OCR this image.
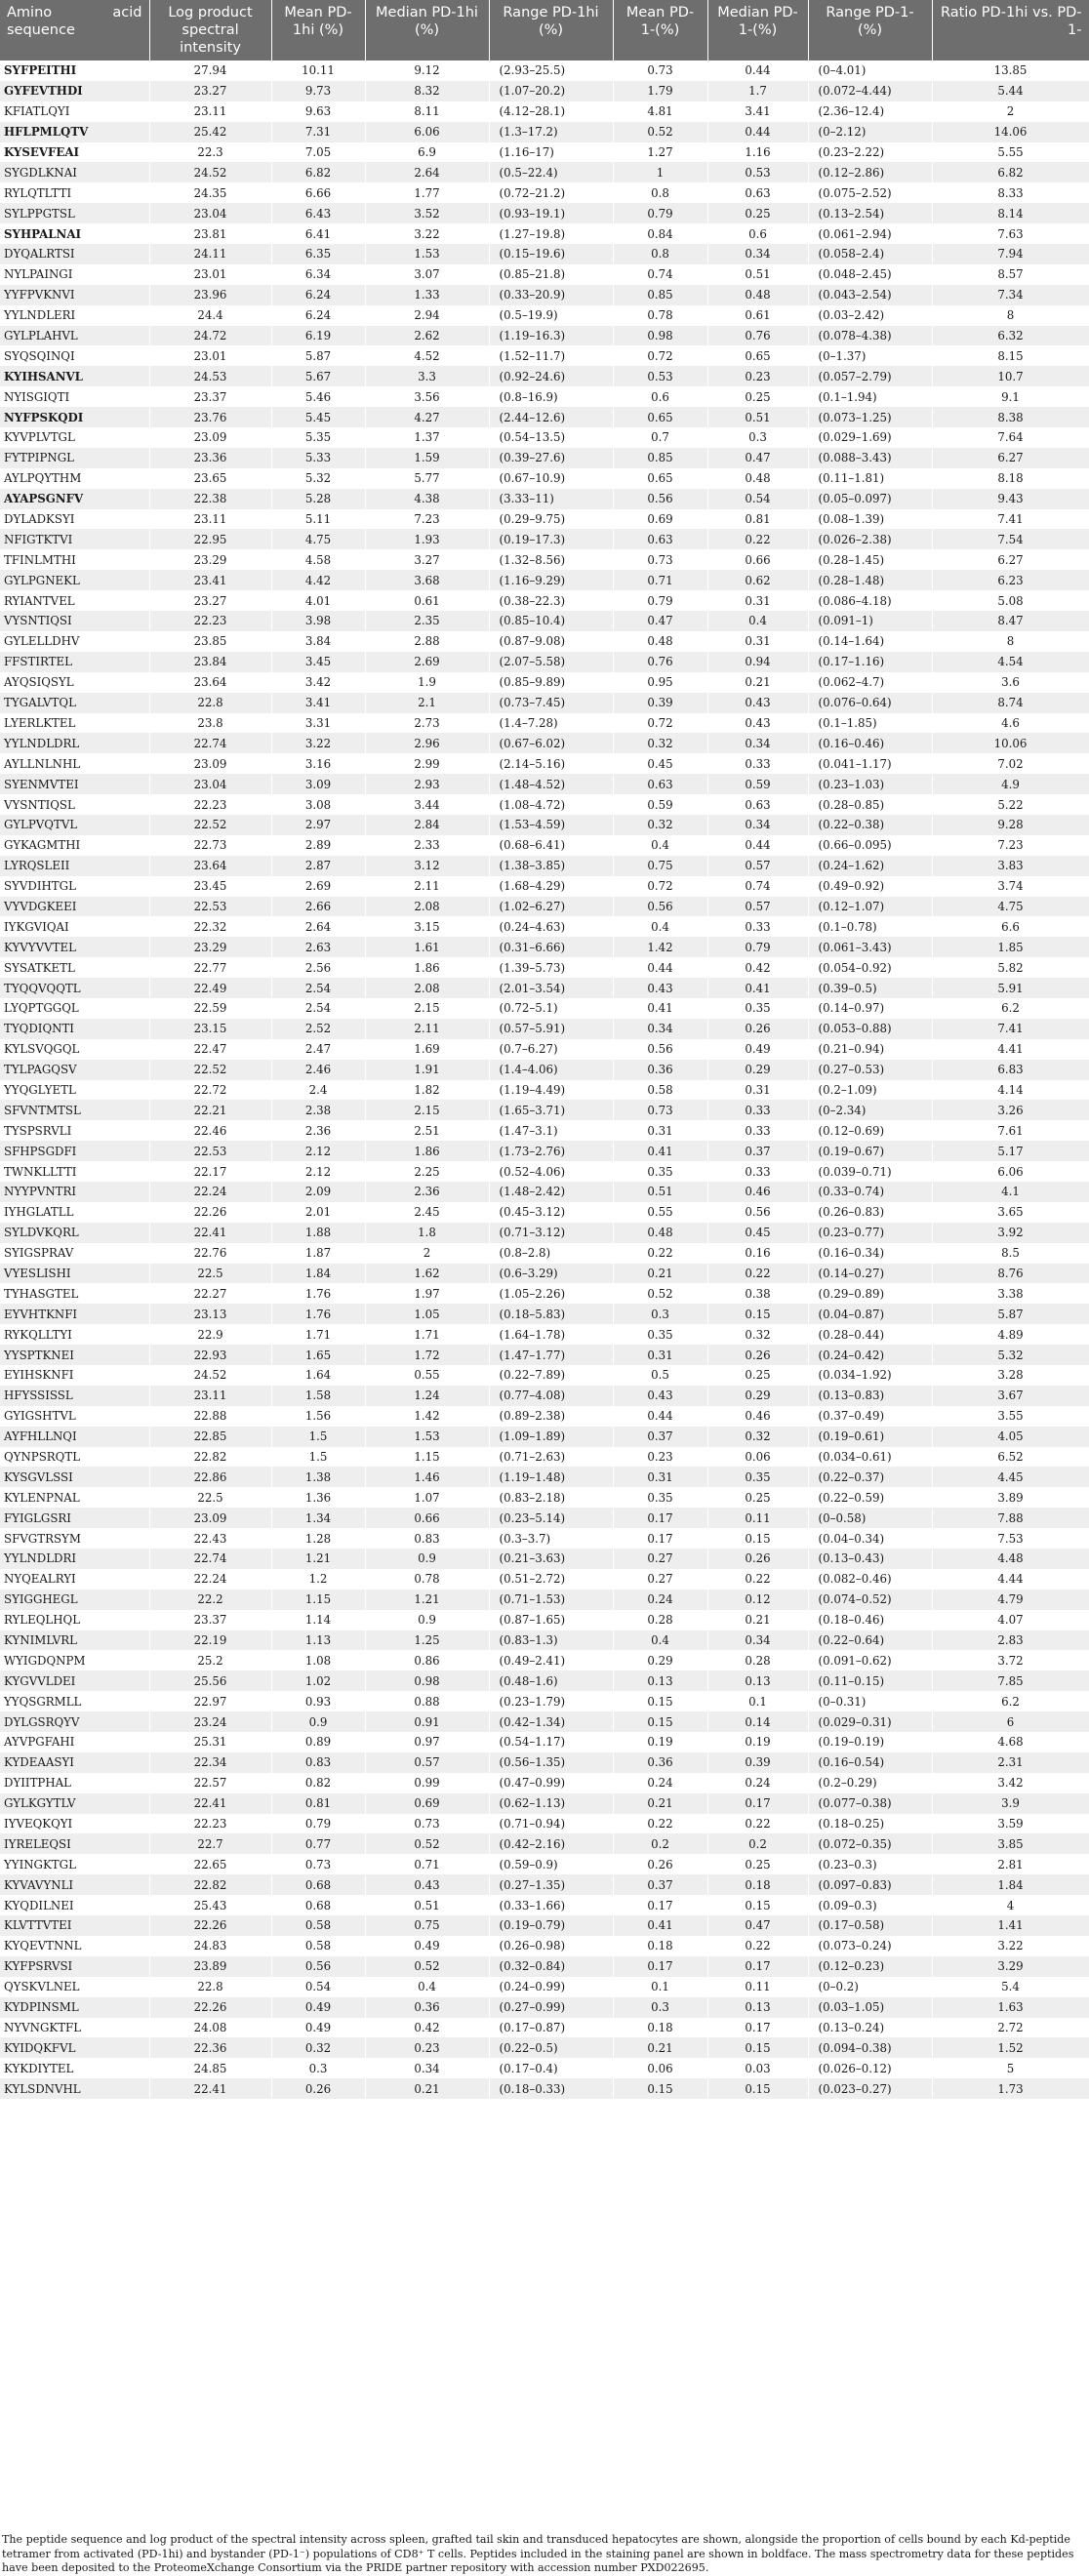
Amino acid sequence	Log product spectral intensity	Mean PD-1hi (%)	Median PD-1hi (%)	Range PD-1hi (%)	Mean PD-1-(%)	Median PD-1-(%)	Range PD-1-(%)	Ratio PD-1hi vs. PD-1-
SYFPEITHI	27.94	10.11	9.12	(2.93–25.5)	0.73	0.44	(0–4.01)	13.85
GYFEVTHDI	23.27	9.73	8.32	(1.07–20.2)	1.79	1.7	(0.072–4.44)	5.44
KFIATLQYI	23.11	9.63	8.11	(4.12–28.1)	4.81	3.41	(2.36–12.4)	2
HFLPMLQTV	25.42	7.31	6.06	(1.3–17.2)	0.52	0.44	(0–2.12)	14.06
KYSEVFEAI	22.3	7.05	6.9	(1.16–17)	1.27	1.16	(0.23–2.22)	5.55
SYGDLKNAI	24.52	6.82	2.64	(0.5–22.4)	1	0.53	(0.12–2.86)	6.82
RYLQTLTTI	24.35	6.66	1.77	(0.72–21.2)	0.8	0.63	(0.075–2.52)	8.33
SYLPPGTSL	23.04	6.43	3.52	(0.93–19.1)	0.79	0.25	(0.13–2.54)	8.14
SYHPALNAI	23.81	6.41	3.22	(1.27–19.8)	0.84	0.6	(0.061–2.94)	7.63
DYQALRTSI	24.11	6.35	1.53	(0.15–19.6)	0.8	0.34	(0.058–2.4)	7.94
NYLPAINGI	23.01	6.34	3.07	(0.85–21.8)	0.74	0.51	(0.048–2.45)	8.57
YYFPVKNVI	23.96	6.24	1.33	(0.33–20.9)	0.85	0.48	(0.043–2.54)	7.34
YYLNDLERI	24.4	6.24	2.94	(0.5–19.9)	0.78	0.61	(0.03–2.42)	8
GYLPLAHVL	24.72	6.19	2.62	(1.19–16.3)	0.98	0.76	(0.078–4.38)	6.32
SYQSQINQI	23.01	5.87	4.52	(1.52–11.7)	0.72	0.65	(0–1.37)	8.15
KYIHSANVL	24.53	5.67	3.3	(0.92–24.6)	0.53	0.23	(0.057–2.79)	10.7
NYISGIQTI	23.37	5.46	3.56	(0.8–16.9)	0.6	0.25	(0.1–1.94)	9.1
NYFPSKQDI	23.76	5.45	4.27	(2.44–12.6)	0.65	0.51	(0.073–1.25)	8.38
KYVPLVTGL	23.09	5.35	1.37	(0.54–13.5)	0.7	0.3	(0.029–1.69)	7.64
FYTPIPNGL	23.36	5.33	1.59	(0.39–27.6)	0.85	0.47	(0.088–3.43)	6.27
AYLPQYTHM	23.65	5.32	5.77	(0.67–10.9)	0.65	0.48	(0.11–1.81)	8.18
AYAPSGNFV	22.38	5.28	4.38	(3.33–11)	0.56	0.54	(0.05–0.097)	9.43
DYLADKSYI	23.11	5.11	7.23	(0.29–9.75)	0.69	0.81	(0.08–1.39)	7.41
NFIGTKTVI	22.95	4.75	1.93	(0.19–17.3)	0.63	0.22	(0.026–2.38)	7.54
TFINLMTHI	23.29	4.58	3.27	(1.32–8.56)	0.73	0.66	(0.28–1.45)	6.27
GYLPGNEKL	23.41	4.42	3.68	(1.16–9.29)	0.71	0.62	(0.28–1.48)	6.23
RYIANTVEL	23.27	4.01	0.61	(0.38–22.3)	0.79	0.31	(0.086–4.18)	5.08
VYSNTIQSI	22.23	3.98	2.35	(0.85–10.4)	0.47	0.4	(0.091–1)	8.47
GYLELLDHV	23.85	3.84	2.88	(0.87–9.08)	0.48	0.31	(0.14–1.64)	8
FFSTIRTEL	23.84	3.45	2.69	(2.07–5.58)	0.76	0.94	(0.17–1.16)	4.54
AYQSIQSYL	23.64	3.42	1.9	(0.85–9.89)	0.95	0.21	(0.062–4.7)	3.6
TYGALVTQL	22.8	3.41	2.1	(0.73–7.45)	0.39	0.43	(0.076–0.64)	8.74
LYERLKTEL	23.8	3.31	2.73	(1.4–7.28)	0.72	0.43	(0.1–1.85)	4.6
YYLNDLDRL	22.74	3.22	2.96	(0.67–6.02)	0.32	0.34	(0.16–0.46)	10.06
AYLLNLNHL	23.09	3.16	2.99	(2.14–5.16)	0.45	0.33	(0.041–1.17)	7.02
SYENMVTEI	23.04	3.09	2.93	(1.48–4.52)	0.63	0.59	(0.23–1.03)	4.9
VYSNTIQSL	22.23	3.08	3.44	(1.08–4.72)	0.59	0.63	(0.28–0.85)	5.22
GYLPVQTVL	22.52	2.97	2.84	(1.53–4.59)	0.32	0.34	(0.22–0.38)	9.28
GYKAGMTHI	22.73	2.89	2.33	(0.68–6.41)	0.4	0.44	(0.66–0.095)	7.23
LYRQSLEII	23.64	2.87	3.12	(1.38–3.85)	0.75	0.57	(0.24–1.62)	3.83
SYVDIHTGL	23.45	2.69	2.11	(1.68–4.29)	0.72	0.74	(0.49–0.92)	3.74
VYVDGKEEI	22.53	2.66	2.08	(1.02–6.27)	0.56	0.57	(0.12–1.07)	4.75
IYKGVIQAI	22.32	2.64	3.15	(0.24–4.63)	0.4	0.33	(0.1–0.78)	6.6
KYVYVVTEL	23.29	2.63	1.61	(0.31–6.66)	1.42	0.79	(0.061–3.43)	1.85
SYSATKETL	22.77	2.56	1.86	(1.39–5.73)	0.44	0.42	(0.054–0.92)	5.82
TYQQVQQTL	22.49	2.54	2.08	(2.01–3.54)	0.43	0.41	(0.39–0.5)	5.91
LYQPTGGQL	22.59	2.54	2.15	(0.72–5.1)	0.41	0.35	(0.14–0.97)	6.2
TYQDIQNTI	23.15	2.52	2.11	(0.57–5.91)	0.34	0.26	(0.053–0.88)	7.41
KYLSVQGQL	22.47	2.47	1.69	(0.7–6.27)	0.56	0.49	(0.21–0.94)	4.41
TYLPAGQSV	22.52	2.46	1.91	(1.4–4.06)	0.36	0.29	(0.27–0.53)	6.83
YYQGLYETL	22.72	2.4	1.82	(1.19–4.49)	0.58	0.31	(0.2–1.09)	4.14
SFVNTMTSL	22.21	2.38	2.15	(1.65–3.71)	0.73	0.33	(0–2.34)	3.26
TYSPSRVLI	22.46	2.36	2.51	(1.47–3.1)	0.31	0.33	(0.12–0.69)	7.61
SFHPSGDFI	22.53	2.12	1.86	(1.73–2.76)	0.41	0.37	(0.19–0.67)	5.17
TWNKLLTTI	22.17	2.12	2.25	(0.52–4.06)	0.35	0.33	(0.039–0.71)	6.06
NYYPVNTRI	22.24	2.09	2.36	(1.48–2.42)	0.51	0.46	(0.33–0.74)	4.1
IYHGLATLL	22.26	2.01	2.45	(0.45–3.12)	0.55	0.56	(0.26–0.83)	3.65
SYLDVKQRL	22.41	1.88	1.8	(0.71–3.12)	0.48	0.45	(0.23–0.77)	3.92
SYIGSPRAV	22.76	1.87	2	(0.8–2.8)	0.22	0.16	(0.16–0.34)	8.5
VYESLISHI	22.5	1.84	1.62	(0.6–3.29)	0.21	0.22	(0.14–0.27)	8.76
TYHASGTEL	22.27	1.76	1.97	(1.05–2.26)	0.52	0.38	(0.29–0.89)	3.38
EYVHTKNFI	23.13	1.76	1.05	(0.18–5.83)	0.3	0.15	(0.04–0.87)	5.87
RYKQLLTYI	22.9	1.71	1.71	(1.64–1.78)	0.35	0.32	(0.28–0.44)	4.89
YYSPTKNEI	22.93	1.65	1.72	(1.47–1.77)	0.31	0.26	(0.24–0.42)	5.32
EYIHSKNFI	24.52	1.64	0.55	(0.22–7.89)	0.5	0.25	(0.034–1.92)	3.28
HFYSSISSL	23.11	1.58	1.24	(0.77–4.08)	0.43	0.29	(0.13–0.83)	3.67
GYIGSHTVL	22.88	1.56	1.42	(0.89–2.38)	0.44	0.46	(0.37–0.49)	3.55
AYFHLLNQI	22.85	1.5	1.53	(1.09–1.89)	0.37	0.32	(0.19–0.61)	4.05
QYNPSRQTL	22.82	1.5	1.15	(0.71–2.63)	0.23	0.06	(0.034–0.61)	6.52
KYSGVLSSI	22.86	1.38	1.46	(1.19–1.48)	0.31	0.35	(0.22–0.37)	4.45
KYLENPNAL	22.5	1.36	1.07	(0.83–2.18)	0.35	0.25	(0.22–0.59)	3.89
FYIGLGSRI	23.09	1.34	0.66	(0.23–5.14)	0.17	0.11	(0–0.58)	7.88
SFVGTRSYM	22.43	1.28	0.83	(0.3–3.7)	0.17	0.15	(0.04–0.34)	7.53
YYLNDLDRI	22.74	1.21	0.9	(0.21–3.63)	0.27	0.26	(0.13–0.43)	4.48
NYQEALRYI	22.24	1.2	0.78	(0.51–2.72)	0.27	0.22	(0.082–0.46)	4.44
SYIGGHEGL	22.2	1.15	1.21	(0.71–1.53)	0.24	0.12	(0.074–0.52)	4.79
RYLEQLHQL	23.37	1.14	0.9	(0.87–1.65)	0.28	0.21	(0.18–0.46)	4.07
KYNIMLVRL	22.19	1.13	1.25	(0.83–1.3)	0.4	0.34	(0.22–0.64)	2.83
WYIGDQNPM	25.2	1.08	0.86	(0.49–2.41)	0.29	0.28	(0.091–0.62)	3.72
KYGVVLDEI	25.56	1.02	0.98	(0.48–1.6)	0.13	0.13	(0.11–0.15)	7.85
YYQSGRMLL	22.97	0.93	0.88	(0.23–1.79)	0.15	0.1	(0–0.31)	6.2
DYLGSRQYV	23.24	0.9	0.91	(0.42–1.34)	0.15	0.14	(0.029–0.31)	6
AYVPGFAHI	25.31	0.89	0.97	(0.54–1.17)	0.19	0.19	(0.19–0.19)	4.68
KYDEAASYI	22.34	0.83	0.57	(0.56–1.35)	0.36	0.39	(0.16–0.54)	2.31
DYIITPHAL	22.57	0.82	0.99	(0.47–0.99)	0.24	0.24	(0.2–0.29)	3.42
GYLKGYTLV	22.41	0.81	0.69	(0.62–1.13)	0.21	0.17	(0.077–0.38)	3.9
IYVEQKQYI	22.23	0.79	0.73	(0.71–0.94)	0.22	0.22	(0.18–0.25)	3.59
IYRELEQSI	22.7	0.77	0.52	(0.42–2.16)	0.2	0.2	(0.072–0.35)	3.85
YYINGKTGL	22.65	0.73	0.71	(0.59–0.9)	0.26	0.25	(0.23–0.3)	2.81
KYVAVYNLI	22.82	0.68	0.43	(0.27–1.35)	0.37	0.18	(0.097–0.83)	1.84
KYQDILNEI	25.43	0.68	0.51	(0.33–1.66)	0.17	0.15	(0.09–0.3)	4
KLVTTVTEI	22.26	0.58	0.75	(0.19–0.79)	0.41	0.47	(0.17–0.58)	1.41
KYQEVTNNL	24.83	0.58	0.49	(0.26–0.98)	0.18	0.22	(0.073–0.24)	3.22
KYFPSRVSI	23.89	0.56	0.52	(0.32–0.84)	0.17	0.17	(0.12–0.23)	3.29
QYSKVLNEL	22.8	0.54	0.4	(0.24–0.99)	0.1	0.11	(0–0.2)	5.4
KYDPINSML	22.26	0.49	0.36	(0.27–0.99)	0.3	0.13	(0.03–1.05)	1.63
NYVNGKTFL	24.08	0.49	0.42	(0.17–0.87)	0.18	0.17	(0.13–0.24)	2.72
KYIDQKFVL	22.36	0.32	0.23	(0.22–0.5)	0.21	0.15	(0.094–0.38)	1.52
KYKDIYTEL	24.85	0.3	0.34	(0.17–0.4)	0.06	0.03	(0.026–0.12)	5
KYLSDNVHL	22.41	0.26	0.21	(0.18–0.33)	0.15	0.15	(0.023–0.27)	1.73
The peptide sequence and log product of the spectral intensity across spleen, grafted tail skin and transduced hepatocytes are shown, alongside the proportion of cells bound by each Kd-peptide tetramer from activated (PD-1hi) and bystander (PD-1⁻) populations of CD8⁺ T cells. Peptides included in the staining panel are shown in boldface. The mass spectrometry data for these peptides have been deposited to the ProteomeXchange Consortium via the PRIDE partner repository with accession number PXD022695.
